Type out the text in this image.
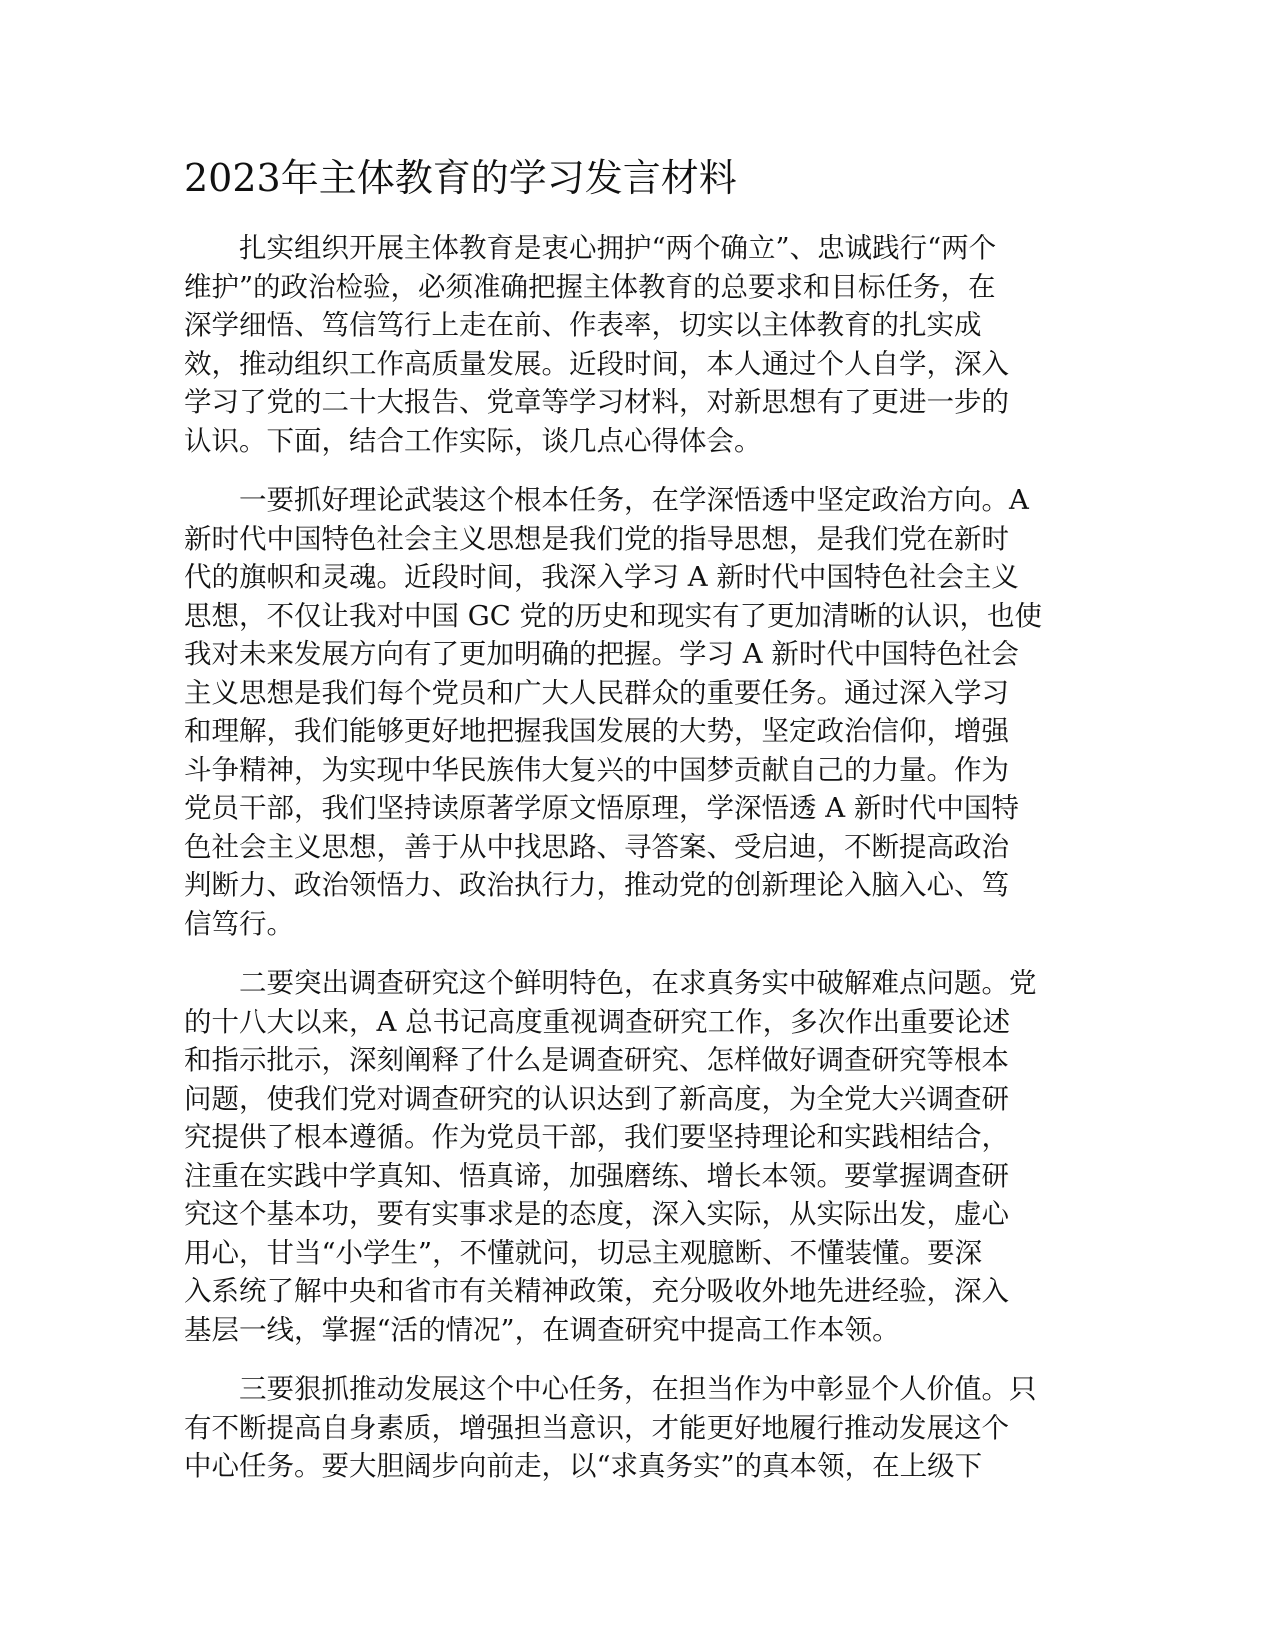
2023年主体教育的学习发言材料

　　扎实组织开展主体教育是衷心拥护“两个确立”、忠诚践行“两个
维护”的政治检验，必须准确把握主体教育的总要求和目标任务，在
深学细悟、笃信笃行上走在前、作表率，切实以主体教育的扎实成
效，推动组织工作高质量发展。近段时间，本人通过个人自学，深入
学习了党的二十大报告、党章等学习材料，对新思想有了更进一步的
认识。下面，结合工作实际，谈几点心得体会。

　　一要抓好理论武装这个根本任务，在学深悟透中坚定政治方向。A
新时代中国特色社会主义思想是我们党的指导思想，是我们党在新时
代的旗帜和灵魂。近段时间，我深入学习 A 新时代中国特色社会主义
思想，不仅让我对中国 GC 党的历史和现实有了更加清晰的认识，也使
我对未来发展方向有了更加明确的把握。学习 A 新时代中国特色社会
主义思想是我们每个党员和广大人民群众的重要任务。通过深入学习
和理解，我们能够更好地把握我国发展的大势，坚定政治信仰，增强
斗争精神，为实现中华民族伟大复兴的中国梦贡献自己的力量。作为
党员干部，我们坚持读原著学原文悟原理，学深悟透 A 新时代中国特
色社会主义思想，善于从中找思路、寻答案、受启迪，不断提高政治
判断力、政治领悟力、政治执行力，推动党的创新理论入脑入心、笃
信笃行。

　　二要突出调查研究这个鲜明特色，在求真务实中破解难点问题。党
的十八大以来，A 总书记高度重视调查研究工作，多次作出重要论述
和指示批示，深刻阐释了什么是调查研究、怎样做好调查研究等根本
问题，使我们党对调查研究的认识达到了新高度，为全党大兴调查研
究提供了根本遵循。作为党员干部，我们要坚持理论和实践相结合，
注重在实践中学真知、悟真谛，加强磨练、增长本领。要掌握调查研
究这个基本功，要有实事求是的态度，深入实际，从实际出发，虚心
用心，甘当“小学生”，不懂就问，切忌主观臆断、不懂装懂。要深
入系统了解中央和省市有关精神政策，充分吸收外地先进经验，深入
基层一线，掌握“活的情况”，在调查研究中提高工作本领。

　　三要狠抓推动发展这个中心任务，在担当作为中彰显个人价值。只
有不断提高自身素质，增强担当意识，才能更好地履行推动发展这个
中心任务。要大胆阔步向前走，以“求真务实”的真本领，在上级下
